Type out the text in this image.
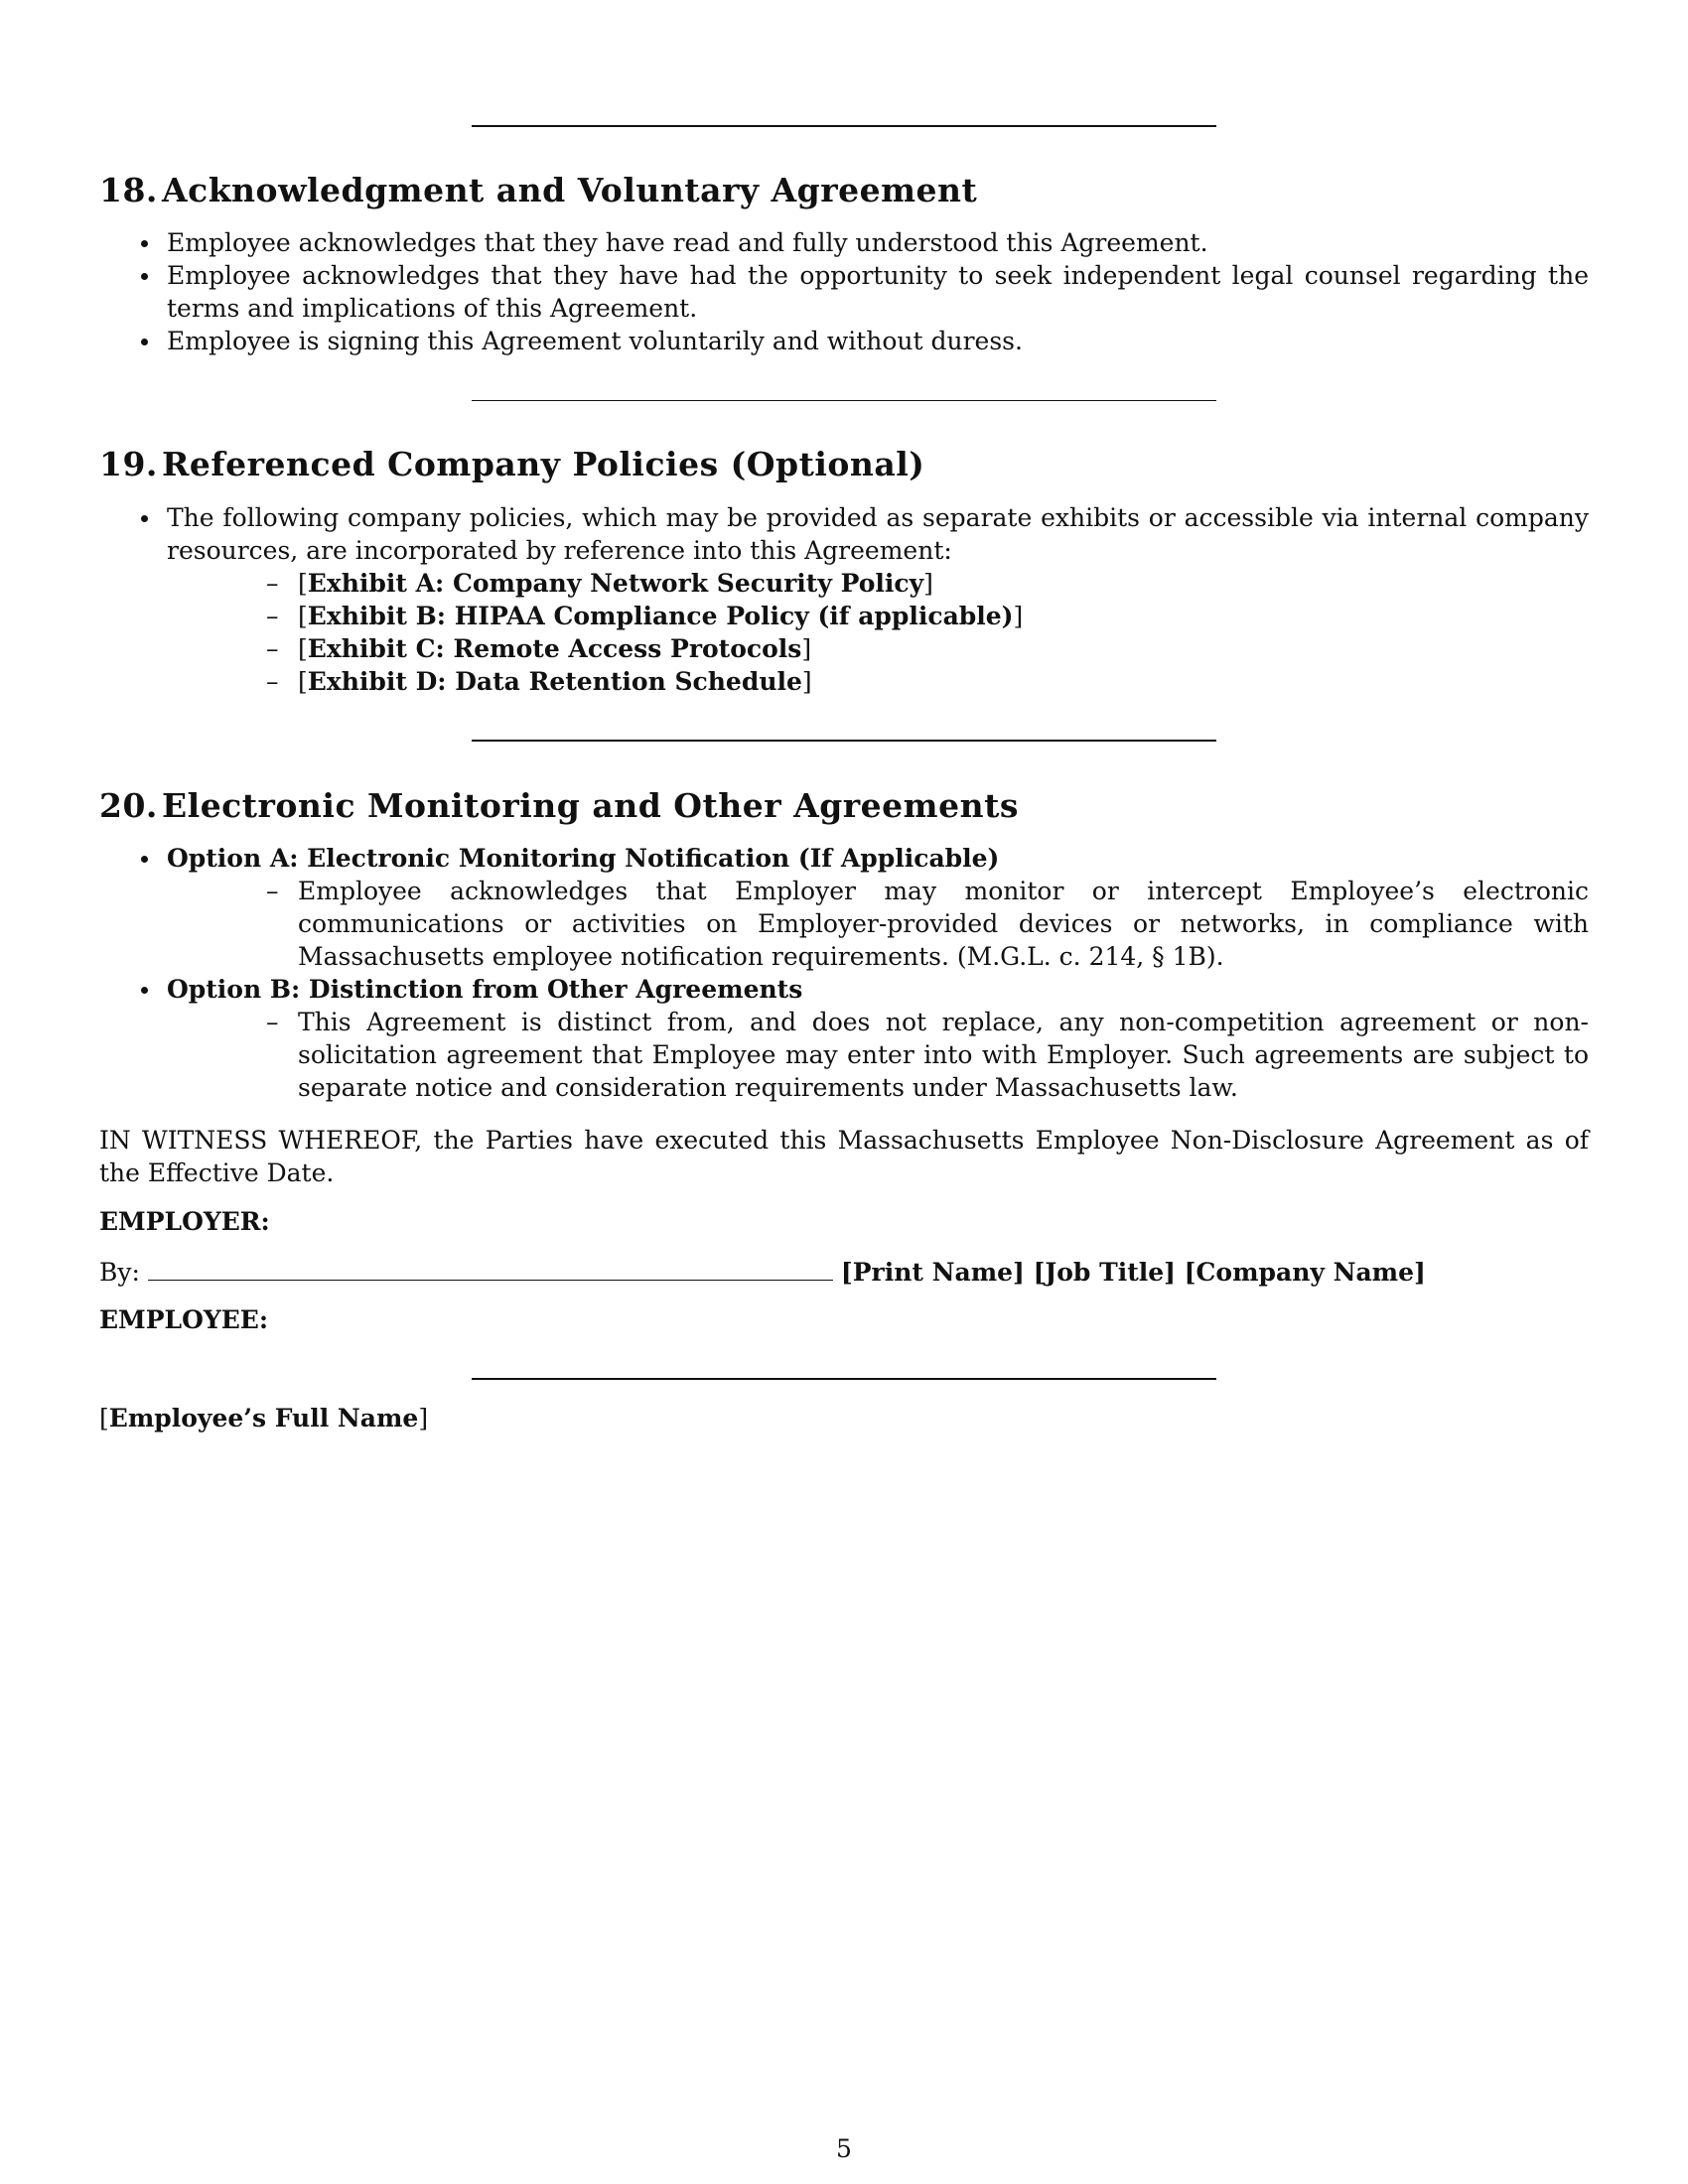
18. Acknowledgment and Voluntary Agreement
Employee acknowledges that they have read and fully understood this Agreement.
Employee acknowledges that they have had the opportunity to seek independent legal counsel regarding the terms and implications of this Agreement.
Employee is signing this Agreement voluntarily and without duress.
19. Referenced Company Policies (Optional)
The following company policies, which may be provided as separate exhibits or accessible via internal company resources, are incorporated by reference into this Agreement:
– [Exhibit A: Company Network Security Policy]
– [Exhibit B: HIPAA Compliance Policy (if applicable)]
– [Exhibit C: Remote Access Protocols]
– [Exhibit D: Data Retention Schedule]
20. Electronic Monitoring and Other Agreements
Option A: Electronic Monitoring Notification (If Applicable)
– Employee acknowledges that Employer may monitor or intercept Employee’s electronic communications or activities on Employer-provided devices or networks, in compliance with Massachusetts employee notification requirements. (M.G.L. c. 214, § 1B).
Option B: Distinction from Other Agreements
– This Agreement is distinct from, and does not replace, any non-competition agreement or non-solicitation agreement that Employee may enter into with Employer. Such agreements are subject to separate notice and consideration requirements under Massachusetts law.
IN WITNESS WHEREOF, the Parties have executed this Massachusetts Employee Non-Disclosure Agreement as of the Effective Date.
EMPLOYER:
By:	[Print Name] [Job Title] [Company Name]
EMPLOYEE:
[Employee’s Full Name]
5
